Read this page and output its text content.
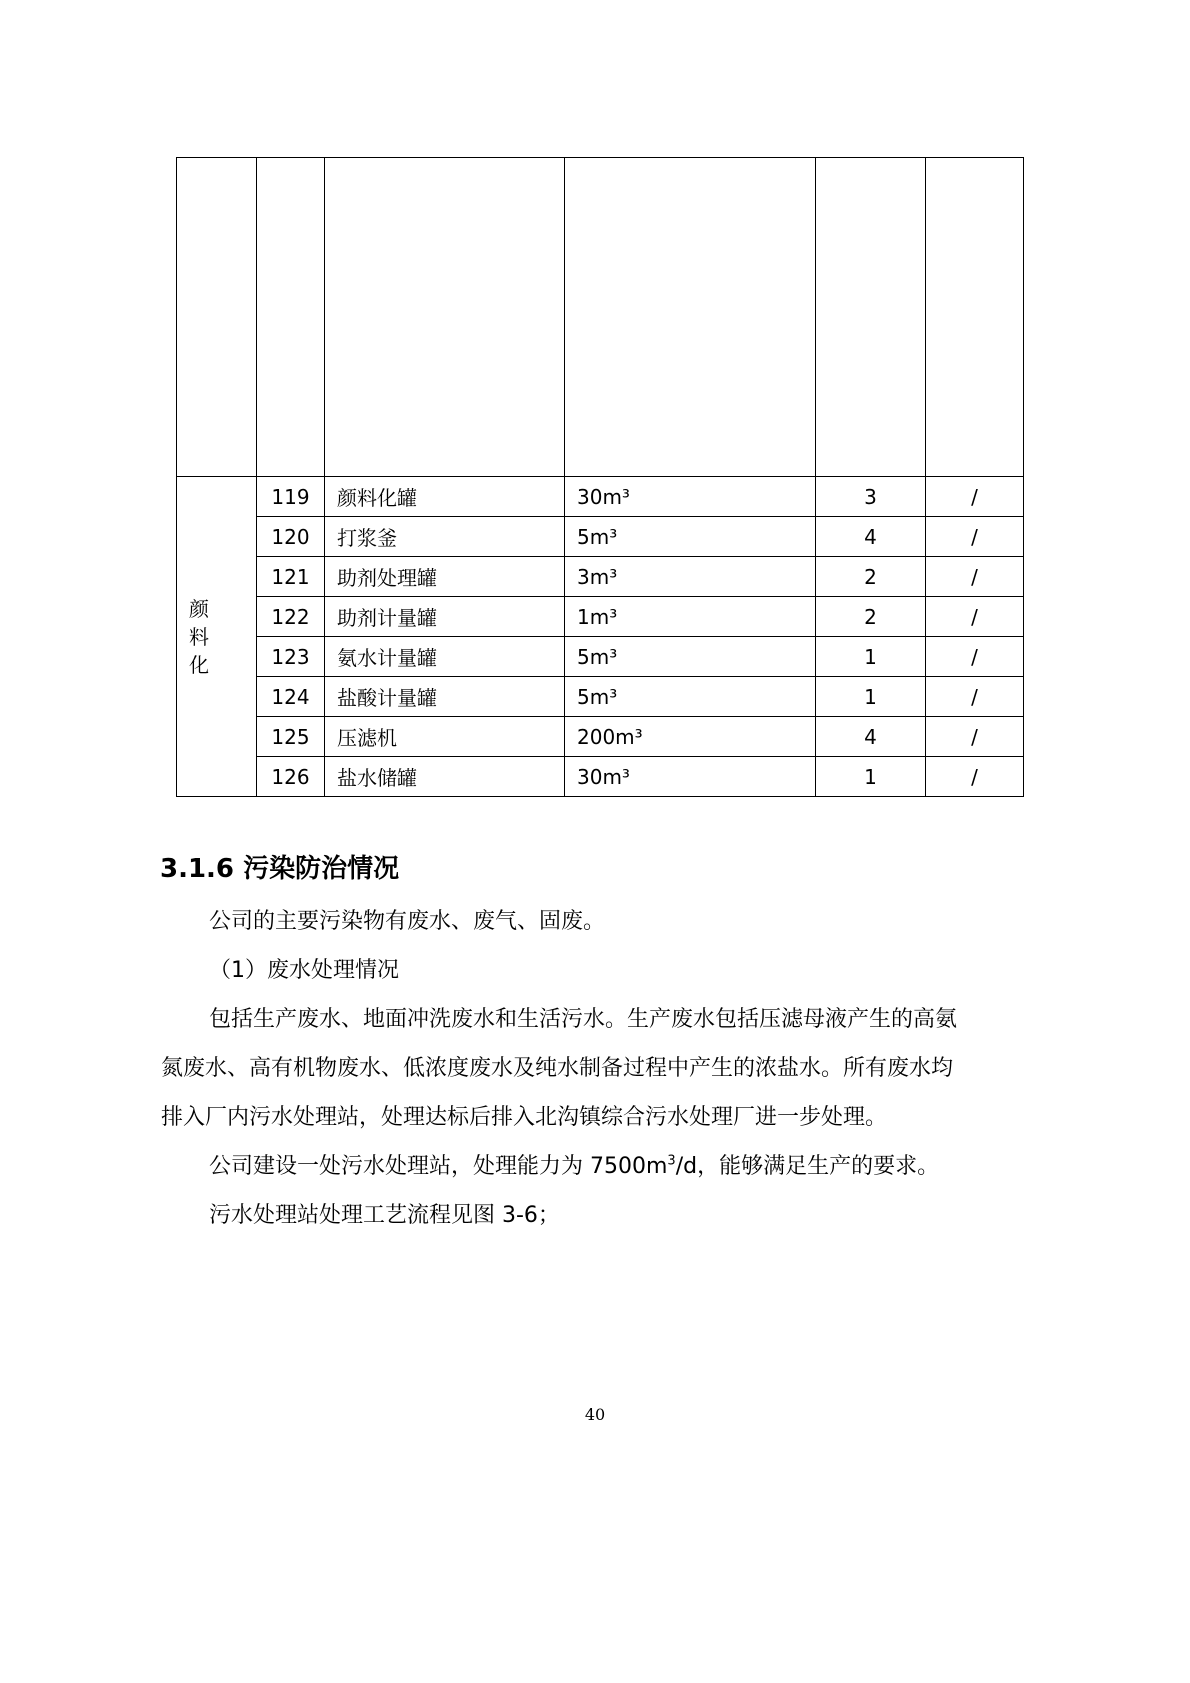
颜 料化	119	颜料化罐	30m³	3	/
	120	打浆釜	5m³	4	/
	121	助剂处理罐	3m³	2	/
	122	助剂计量罐	1m³	2	/
	123	氨水计量罐	5m³	1	/
	124	盐酸计量罐	5m³	1	/
	125	压滤机	200m³	4	/
	126	盐水储罐	30m³	1	/
3.1.6 污染防治情况

公司的主要污染物有废水、废气、固废。

（1）废水处理情况

包括生产废水、地面冲洗废水和生活污水。生产废水包括压滤母液产生的高氨

氮废水、高有机物废水、低浓度废水及纯水制备过程中产生的浓盐水。所有废水均

排入厂内污水处理站，处理达标后排入北沟镇综合污水处理厂进一步处理。

公司建设一处污水处理站，处理能力为 $7500m^3/d$，能够满足生产的要求。

污水处理站处理工艺流程见图 3-6；

40
